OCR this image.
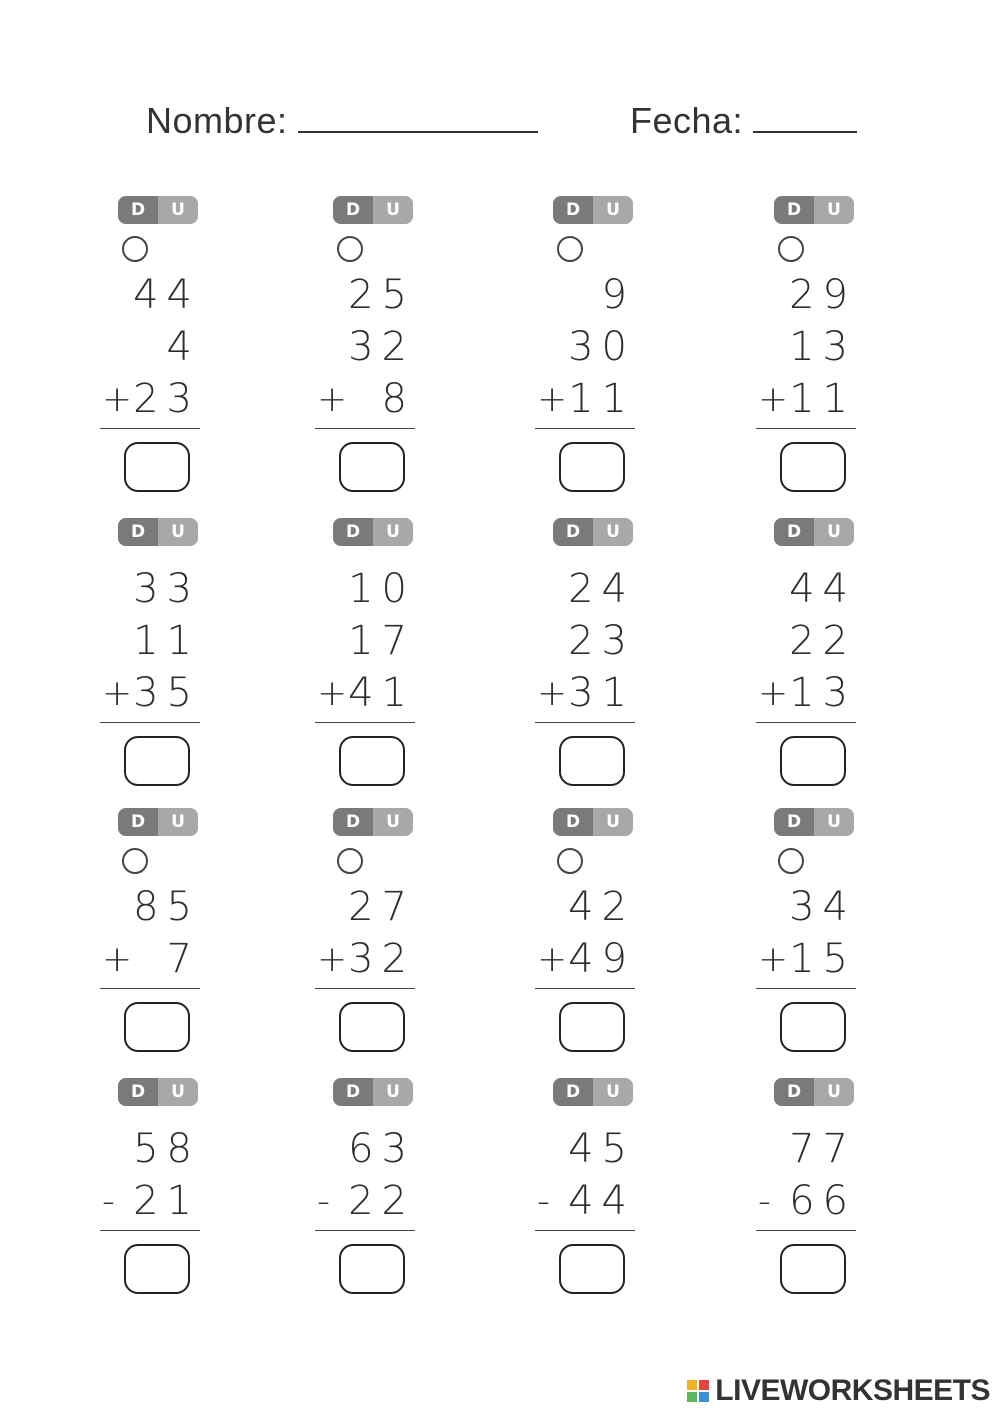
Nombre:	Fecha:
D	U
44
4
+ 23
D	U
25
32
+ 8
D	U
9
30
+ 11
D	U
29
13
+ 11
D	U
33
11
+ 35
D	U
10
17
+ 41
D	U
24
23
+ 31
D	U
44
22
+ 13
D	U
85
+ 7
D	U
27
+ 32
D	U
42
+ 49
D	U
34
+ 15
D	U
58
- 21
D	U
63
- 22
D	U
45
- 44
D	U
77
- 66
LIVEWORKSHEETS
